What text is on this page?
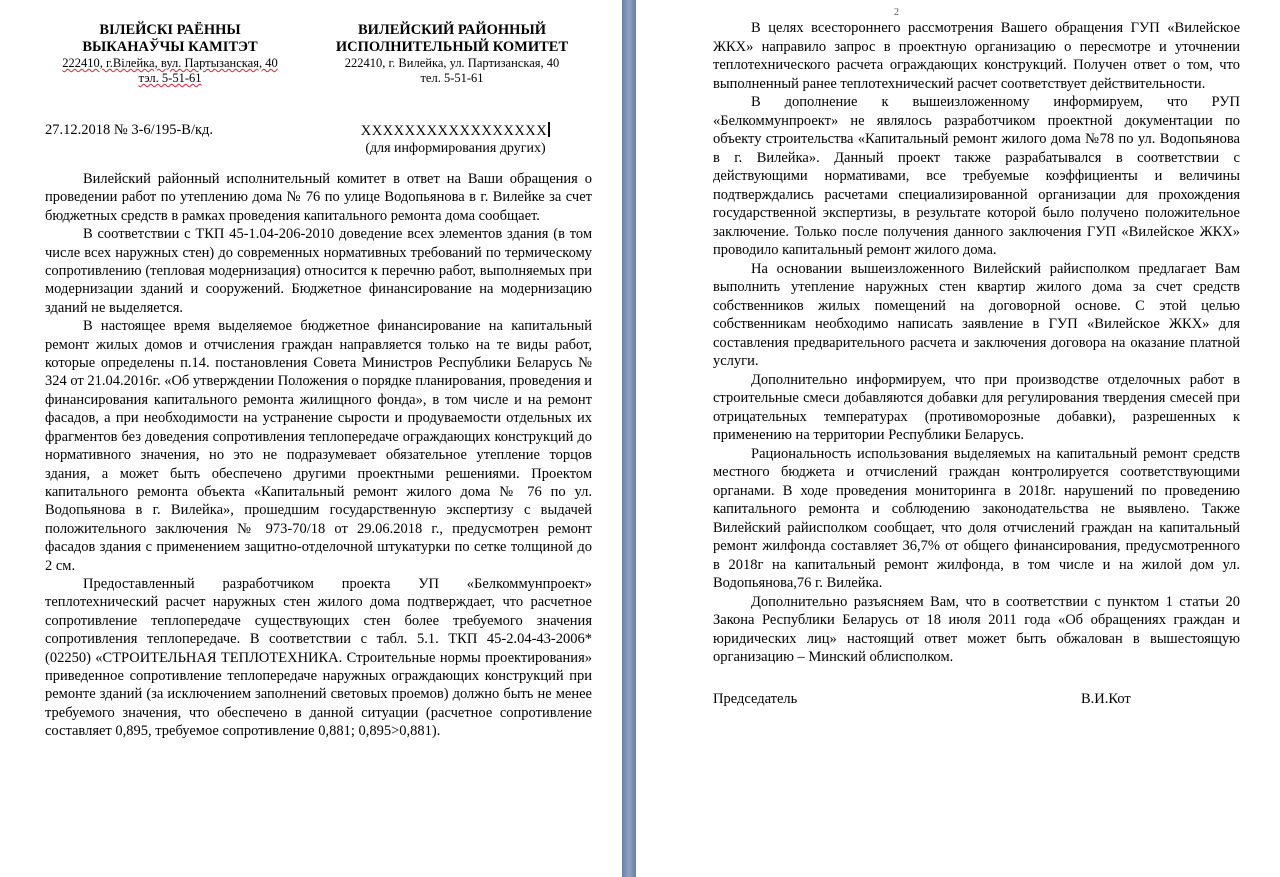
ВІЛЕЙСКІ РАЁННЫ
ВЫКАНАЎЧЫ КАМІТЭТ
222410, г.Вілейка, вул. Партызанская, 40
тэл. 5-51-61
ВИЛЕЙСКИЙ РАЙОННЫЙ
ИСПОЛНИТЕЛЬНЫЙ КОМИТЕТ
222410, г. Вилейка, ул. Партизанская, 40
тел. 5-51-61
27.12.2018 № 3-6/195-В/кд.	XXXXXXXXXXXXXXXXX
(для информирования других)

Вилейский районный исполнительный комитет в ответ на Ваши обращения о проведении работ по утеплению дома № 76 по улице Водопьянова в г. Вилейке за счет бюджетных средств в рамках проведения капитального ремонта дома сообщает.

В соответствии с ТКП 45-1.04-206-2010 доведение всех элементов здания (в том числе всех наружных стен) до современных нормативных требований по термическому сопротивлению (тепловая модернизация) относится к перечню работ, выполняемых при модернизации зданий и сооружений. Бюджетное финансирование на модернизацию зданий не выделяется.

В настоящее время выделяемое бюджетное финансирование на капитальный ремонт жилых домов и отчисления граждан направляется только на те виды работ, которые определены п.14. постановления Совета Министров Республики Беларусь № 324 от 21.04.2016г. «Об утверждении Положения о порядке планирования, проведения и финансирования капитального ремонта жилищного фонда», в том числе и на ремонт фасадов, а при необходимости на устранение сырости и продуваемости отдельных их фрагментов без доведения сопротивления теплопередаче ограждающих конструкций до нормативного значения, но это не подразумевает обязательное утепление торцов здания, а может быть обеспечено другими проектными решениями. Проектом капитального ремонта объекта «Капитальный ремонт жилого дома № 76 по ул. Водопьянова в г. Вилейка», прошедшим государственную экспертизу с выдачей положительного заключения № 973-70/18 от 29.06.2018 г., предусмотрен ремонт фасадов здания с применением защитно-отделочной штукатурки по сетке толщиной до 2 см.

Предоставленный разработчиком проекта УП «Белкоммунпроект» теплотехнический расчет наружных стен жилого дома подтверждает, что расчетное сопротивление теплопередаче существующих стен более требуемого значения сопротивления теплопередаче. В соответствии с табл. 5.1. ТКП 45-2.04-43-2006* (02250) «СТРОИТЕЛЬНАЯ ТЕПЛОТЕХНИКА. Строительные нормы проектирования» приведенное сопротивление теплопередаче наружных ограждающих конструкций при ремонте зданий (за исключением заполнений световых проемов) должно быть не менее требуемого значения, что обеспечено в данной ситуации (расчетное сопротивление составляет 0,895, требуемое сопротивление 0,881; 0,895>0,881).

2

В целях всестороннего рассмотрения Вашего обращения ГУП «Вилейское ЖКХ» направило запрос в проектную организацию о пересмотре и уточнении теплотехнического расчета ограждающих конструкций. Получен ответ о том, что выполненный ранее теплотехнический расчет соответствует действительности.

В дополнение к вышеизложенному информируем, что РУП «Белкоммунпроект» не являлось разработчиком проектной документации по объекту строительства «Капитальный ремонт жилого дома №78 по ул. Водопьянова в г. Вилейка». Данный проект также разрабатывался в соответствии с действующими нормативами, все требуемые коэффициенты и величины подтверждались расчетами специализированной организации для прохождения государственной экспертизы, в результате которой было получено положительное заключение. Только после получения данного заключения ГУП «Вилейское ЖКХ» проводило капитальный ремонт жилого дома.

На основании вышеизложенного Вилейский райисполком предлагает Вам выполнить утепление наружных стен квартир жилого дома за счет средств собственников жилых помещений на договорной основе. С этой целью собственникам необходимо написать заявление в ГУП «Вилейское ЖКХ» для составления предварительного расчета и заключения договора на оказание платной услуги.

Дополнительно информируем, что при производстве отделочных работ в строительные смеси добавляются добавки для регулирования твердения смесей при отрицательных температурах (противоморозные добавки), разрешенных к применению на территории Республики Беларусь.

Рациональность использования выделяемых на капитальный ремонт средств местного бюджета и отчислений граждан контролируется соответствующими органами. В ходе проведения мониторинга в 2018г. нарушений по проведению капитального ремонта и соблюдению законодательства не выявлено. Также Вилейский райисполком сообщает, что доля отчислений граждан на капитальный ремонт жилфонда составляет 36,7% от общего финансирования, предусмотренного в 2018г на капитальный ремонт жилфонда, в том числе и на жилой дом ул. Водопьянова,76 г. Вилейка.

Дополнительно разъясняем Вам, что в соответствии с пунктом 1 статьи 20 Закона Республики Беларусь от 18 июля 2011 года «Об обращениях граждан и юридических лиц» настоящий ответ может быть обжалован в вышестоящую организацию – Минский облисполком.

Председатель	В.И.Кот
